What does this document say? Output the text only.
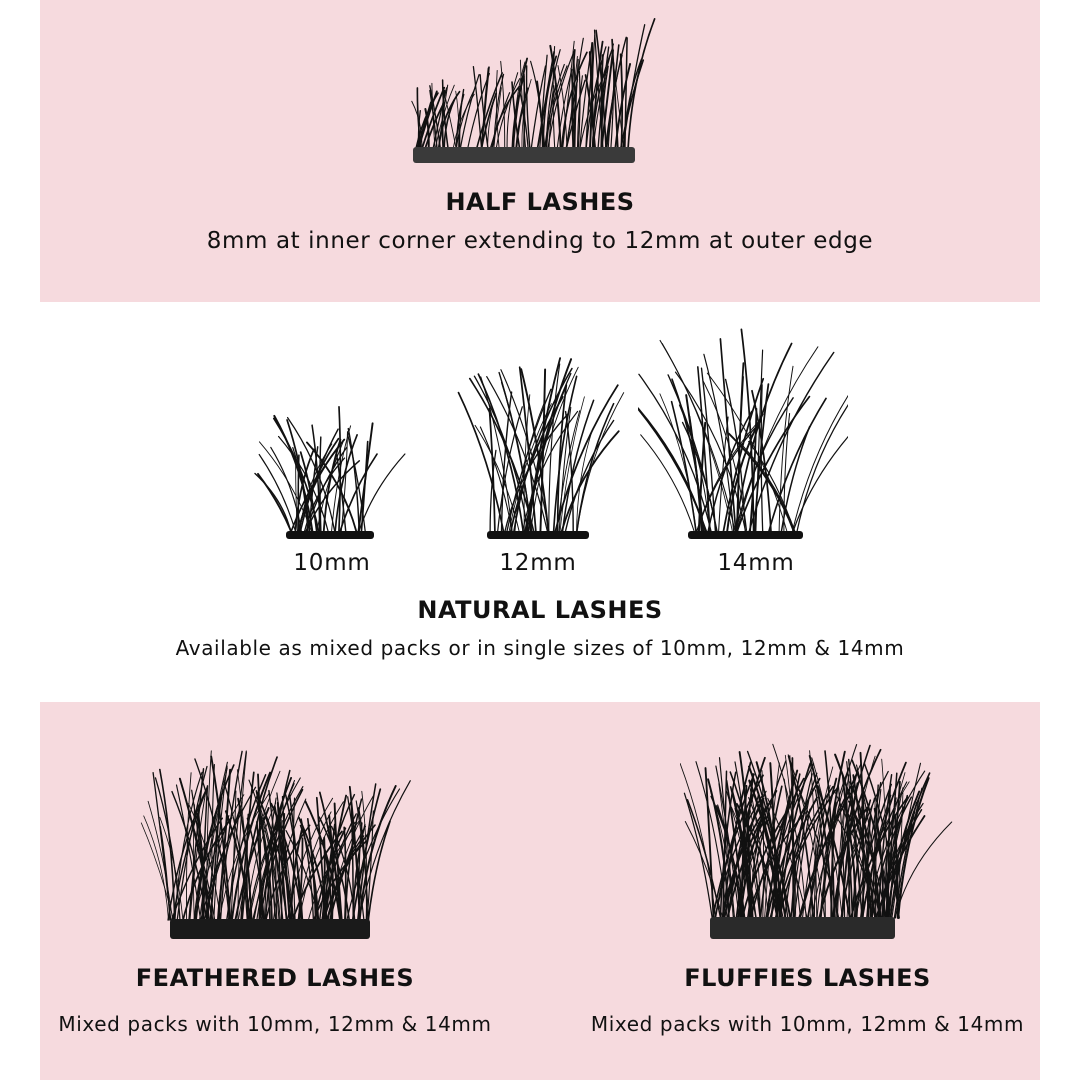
HALF LASHES
8mm at inner corner extending to 12mm at outer edge
10mm	12mm	14mm
NATURAL LASHES
Available as mixed packs or in single sizes of 10mm, 12mm & 14mm
FEATHERED LASHES
Mixed packs with 10mm, 12mm & 14mm
FLUFFIES LASHES
Mixed packs with 10mm, 12mm & 14mm
